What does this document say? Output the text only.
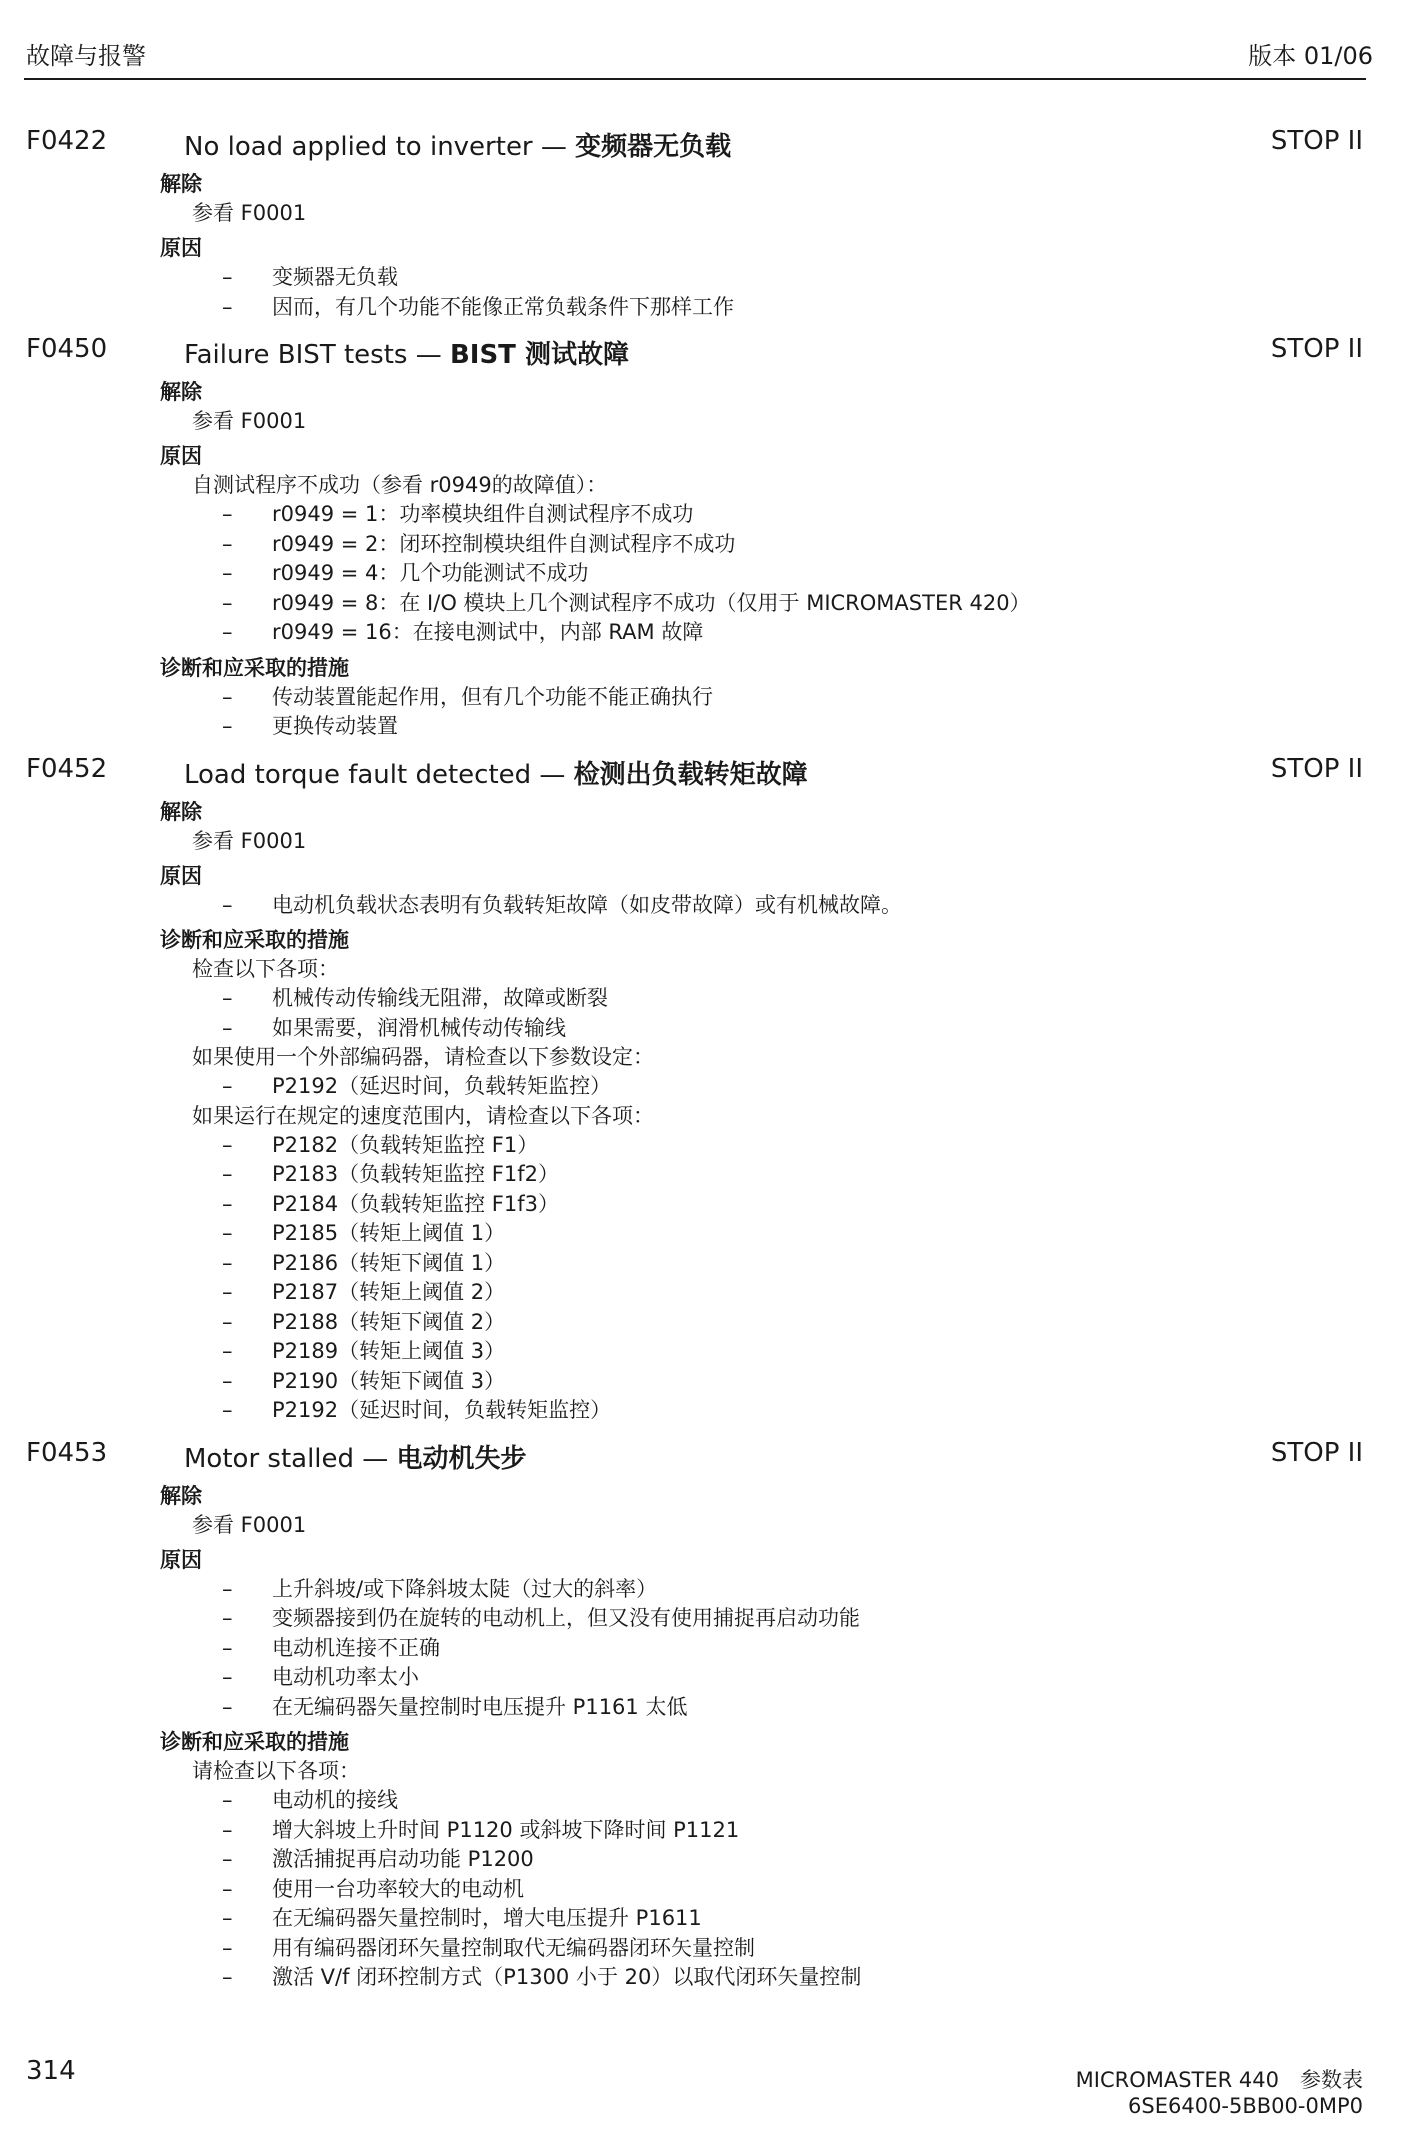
故障与报警	版本 01/06
F0422	No load applied to inverter — 变频器无负载	STOP II
解除
参看 F0001
原因
– 变频器无负载
– 因而，有几个功能不能像正常负载条件下那样工作
F0450	Failure BIST tests — BIST 测试故障	STOP II
解除
参看 F0001
原因
自测试程序不成功（参看 r0949的故障值）：
– r0949 = 1：功率模块组件自测试程序不成功
– r0949 = 2：闭环控制模块组件自测试程序不成功
– r0949 = 4：几个功能测试不成功
– r0949 = 8：在 I/O 模块上几个测试程序不成功（仅用于 MICROMASTER 420）
– r0949 = 16：在接电测试中，内部 RAM 故障
诊断和应采取的措施
– 传动装置能起作用，但有几个功能不能正确执行
– 更换传动装置
F0452	Load torque fault detected — 检测出负载转矩故障	STOP II
解除
参看 F0001
原因
– 电动机负载状态表明有负载转矩故障（如皮带故障）或有机械故障。
诊断和应采取的措施
检查以下各项：
– 机械传动传输线无阻滞，故障或断裂
– 如果需要，润滑机械传动传输线
如果使用一个外部编码器，请检查以下参数设定：
– P2192（延迟时间，负载转矩监控）
如果运行在规定的速度范围内，请检查以下各项：
– P2182（负载转矩监控 F1）
– P2183（负载转矩监控 F1f2）
– P2184（负载转矩监控 F1f3）
– P2185（转矩上阈值 1）
– P2186（转矩下阈值 1）
– P2187（转矩上阈值 2）
– P2188（转矩下阈值 2）
– P2189（转矩上阈值 3）
– P2190（转矩下阈值 3）
– P2192（延迟时间，负载转矩监控）
F0453	Motor stalled — 电动机失步	STOP II
解除
参看 F0001
原因
– 上升斜坡/或下降斜坡太陡（过大的斜率）
– 变频器接到仍在旋转的电动机上，但又没有使用捕捉再启动功能
– 电动机连接不正确
– 电动机功率太小
– 在无编码器矢量控制时电压提升 P1161 太低
诊断和应采取的措施
请检查以下各项：
– 电动机的接线
– 增大斜坡上升时间 P1120 或斜坡下降时间 P1121
– 激活捕捉再启动功能 P1200
– 使用一台功率较大的电动机
– 在无编码器矢量控制时，增大电压提升 P1611
– 用有编码器闭环矢量控制取代无编码器闭环矢量控制
– 激活 V/f 闭环控制方式（P1300 小于 20）以取代闭环矢量控制
314	MICROMASTER 440　参数表
6SE6400-5BB00-0MP0
